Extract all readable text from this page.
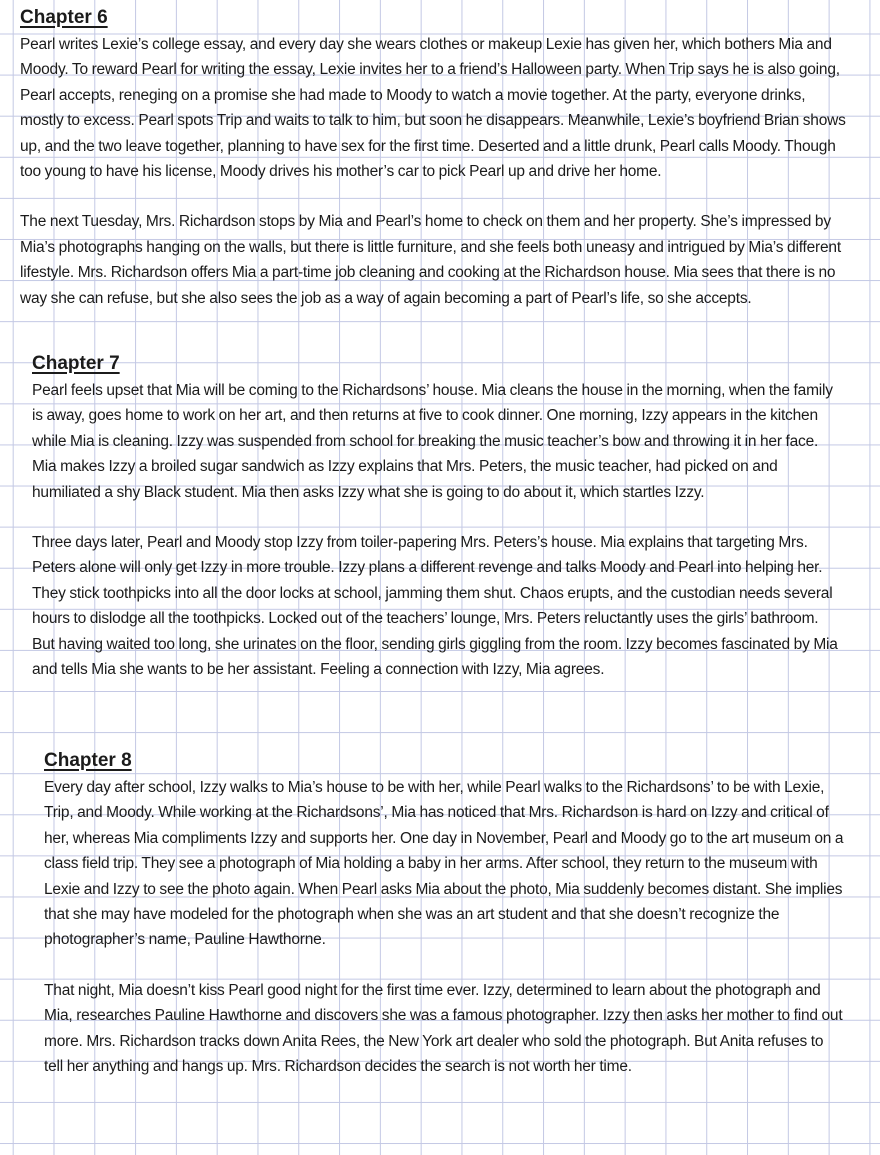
Chapter 6

Pearl writes Lexie’s college essay, and every day she wears clothes or makeup Lexie has given her, which bothers Mia and Moody. To reward Pearl for writing the essay, Lexie invites her to a friend’s Halloween party. When Trip says he is also going, Pearl accepts, reneging on a promise she had made to Moody to watch a movie together. At the party, everyone drinks, mostly to excess. Pearl spots Trip and waits to talk to him, but soon he disappears. Meanwhile, Lexie’s boyfriend Brian shows up, and the two leave together, planning to have sex for the first time. Deserted and a little drunk, Pearl calls Moody. Though too young to have his license, Moody drives his mother’s car to pick Pearl up and drive her home.

The next Tuesday, Mrs. Richardson stops by Mia and Pearl’s home to check on them and her property. She’s impressed by Mia’s photographs hanging on the walls, but there is little furniture, and she feels both uneasy and intrigued by Mia’s different lifestyle. Mrs. Richardson offers Mia a part-time job cleaning and cooking at the Richardson house. Mia sees that there is no way she can refuse, but she also sees the job as a way of again becoming a part of Pearl’s life, so she accepts.

Chapter 7

Pearl feels upset that Mia will be coming to the Richardsons’ house. Mia cleans the house in the morning, when the family is away, goes home to work on her art, and then returns at five to cook dinner. One morning, Izzy appears in the kitchen while Mia is cleaning. Izzy was suspended from school for breaking the music teacher’s bow and throwing it in her face. Mia makes Izzy a broiled sugar sandwich as Izzy explains that Mrs. Peters, the music teacher, had picked on and humiliated a shy Black student. Mia then asks Izzy what she is going to do about it, which startles Izzy.

Three days later, Pearl and Moody stop Izzy from toiler-papering Mrs. Peters’s house. Mia explains that targeting Mrs. Peters alone will only get Izzy in more trouble. Izzy plans a different revenge and talks Moody and Pearl into helping her. They stick toothpicks into all the door locks at school, jamming them shut. Chaos erupts, and the custodian needs several hours to dislodge all the toothpicks. Locked out of the teachers’ lounge, Mrs. Peters reluctantly uses the girls’ bathroom. But having waited too long, she urinates on the floor, sending girls giggling from the room. Izzy becomes fascinated by Mia and tells Mia she wants to be her assistant. Feeling a connection with Izzy, Mia agrees.

Chapter 8

Every day after school, Izzy walks to Mia’s house to be with her, while Pearl walks to the Richardsons’ to be with Lexie, Trip, and Moody. While working at the Richardsons’, Mia has noticed that Mrs. Richardson is hard on Izzy and critical of her, whereas Mia compliments Izzy and supports her. One day in November, Pearl and Moody go to the art museum on a class field trip. They see a photograph of Mia holding a baby in her arms. After school, they return to the museum with Lexie and Izzy to see the photo again. When Pearl asks Mia about the photo, Mia suddenly becomes distant. She implies that she may have modeled for the photograph when she was an art student and that she doesn’t recognize the photographer’s name, Pauline Hawthorne.

That night, Mia doesn’t kiss Pearl good night for the first time ever. Izzy, determined to learn about the photograph and Mia, researches Pauline Hawthorne and discovers she was a famous photographer. Izzy then asks her mother to find out more. Mrs. Richardson tracks down Anita Rees, the New York art dealer who sold the photograph. But Anita refuses to tell her anything and hangs up. Mrs. Richardson decides the search is not worth her time.
